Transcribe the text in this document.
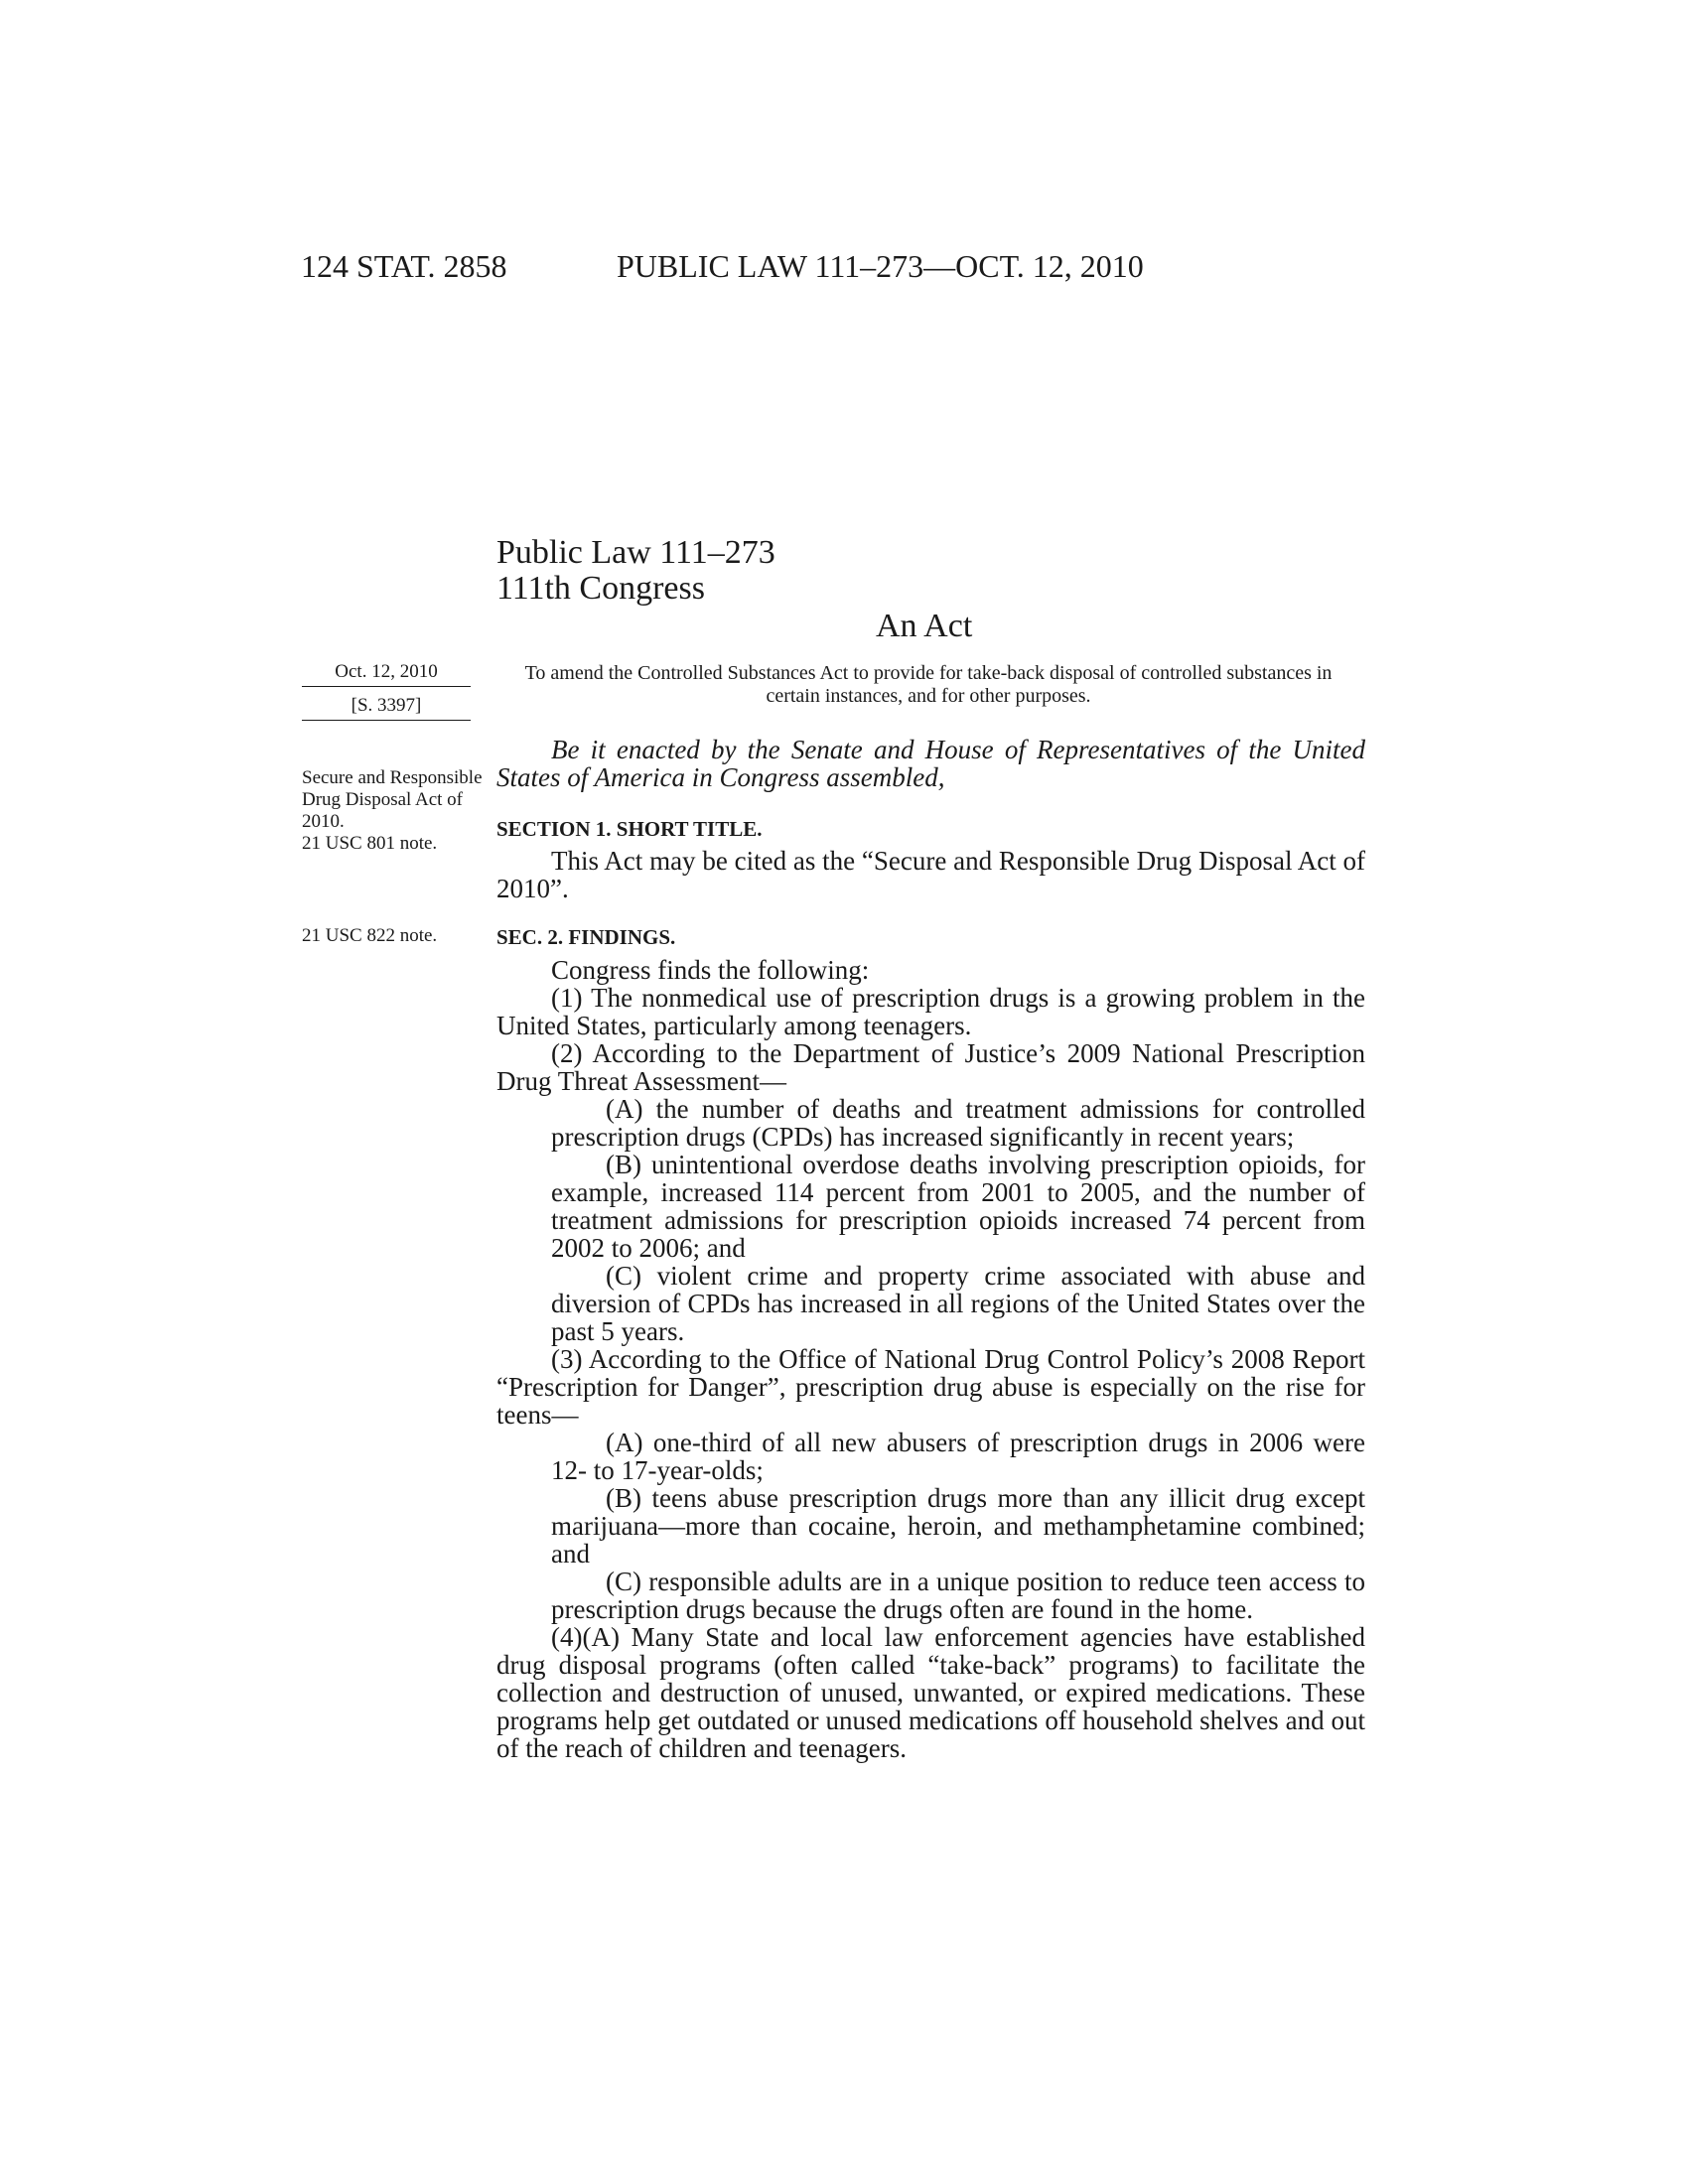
124 STAT. 2858	PUBLIC LAW 111–273—OCT. 12, 2010
Public Law 111–273
111th Congress
An Act
Oct. 12, 2010
[S. 3397]
Secure and Responsible Drug Disposal Act of 2010.
21 USC 801 note.
21 USC 822 note.
To amend the Controlled Substances Act to provide for take-back disposal of controlled substances in certain instances, and for other purposes.

Be it enacted by the Senate and House of Representatives of the United States of America in Congress assembled,

SECTION 1. SHORT TITLE.

This Act may be cited as the “Secure and Responsible Drug Disposal Act of 2010”.

SEC. 2. FINDINGS.

Congress finds the following:

(1) The nonmedical use of prescription drugs is a growing problem in the United States, particularly among teenagers.

(2) According to the Department of Justice’s 2009 National Prescription Drug Threat Assessment—

(A) the number of deaths and treatment admissions for controlled prescription drugs (CPDs) has increased significantly in recent years;

(B) unintentional overdose deaths involving prescription opioids, for example, increased 114 percent from 2001 to 2005, and the number of treatment admissions for prescription opioids increased 74 percent from 2002 to 2006; and

(C) violent crime and property crime associated with abuse and diversion of CPDs has increased in all regions of the United States over the past 5 years.

(3) According to the Office of National Drug Control Policy’s 2008 Report “Prescription for Danger”, prescription drug abuse is especially on the rise for teens—

(A) one-third of all new abusers of prescription drugs in 2006 were 12- to 17-year-olds;

(B) teens abuse prescription drugs more than any illicit drug except marijuana—more than cocaine, heroin, and methamphetamine combined; and

(C) responsible adults are in a unique position to reduce teen access to prescription drugs because the drugs often are found in the home.

(4)(A) Many State and local law enforcement agencies have established drug disposal programs (often called “take-back” programs) to facilitate the collection and destruction of unused, unwanted, or expired medications. These programs help get outdated or unused medications off household shelves and out of the reach of children and teenagers.
